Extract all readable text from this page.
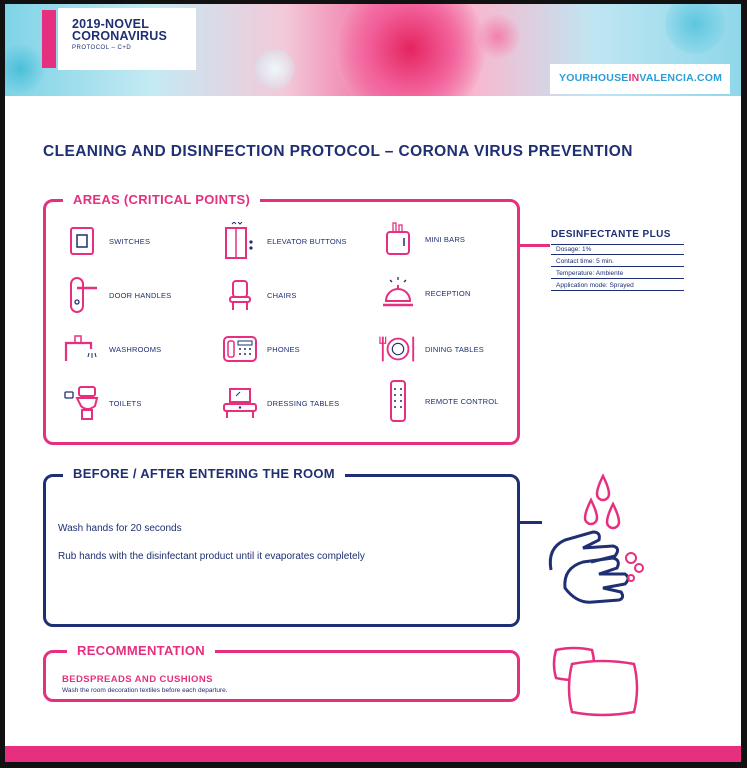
2019-NOVEL
CORONAVIRUS
PROTOCOL – C+D
YOURHOUSEINVALENCIA.COM
CLEANING AND DISINFECTION PROTOCOL – CORONA VIRUS PREVENTION
AREAS (CRITICAL POINTS)
SWITCHES	ELEVATOR BUTTONS	MINI BARS
DOOR HANDLES	CHAIRS	RECEPTION
WASHROOMS	PHONES	DINING TABLES
TOILETS	DRESSING TABLES	REMOTE CONTROL
DESINFECTANTE PLUS
Dosage: 1%
Contact time: 5 min.
Temperature: Ambiente
Application mode: Sprayed
BEFORE / AFTER ENTERING THE ROOM
Wash hands for 20 seconds
Rub hands with the disinfectant product until it evaporates completely
RECOMMENTATION
BEDSPREADS AND CUSHIONS
Wash the room decoration textiles before each departure.
